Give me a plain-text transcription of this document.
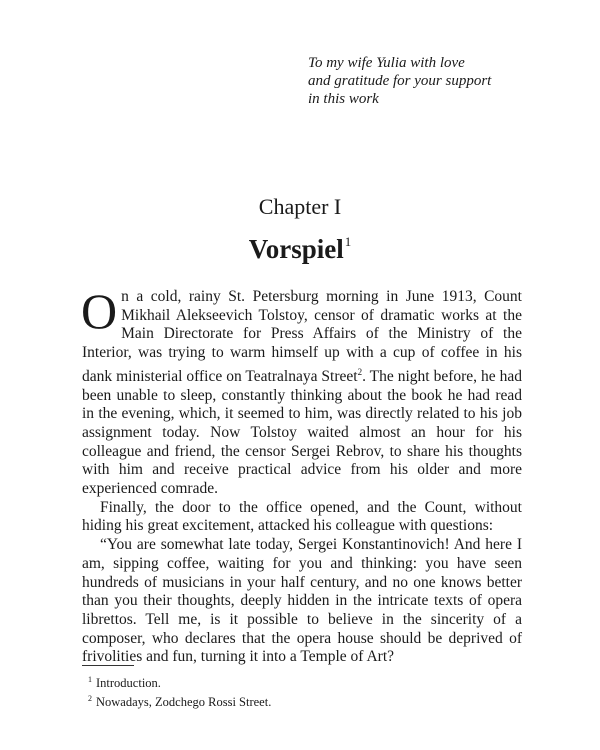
To my wife Yulia with love
and gratitude for your support
in this work
Chapter I
Vorspiel$^1$

On a cold, rainy St. Petersburg morning in June 1913, Count Mikhail Alekseevich Tolstoy, censor of dramatic works at the Main Directorate for Press Affairs of the Ministry of the Interior, was trying to warm himself up with a cup of coffee in his dank ministerial office on Teatralnaya Street$^2$. The night before, he had been unable to sleep, constantly thinking about the book he had read in the evening, which, it seemed to him, was directly related to his job assignment today. Now Tolstoy waited almost an hour for his colleague and friend, the censor Sergei Rebrov, to share his thoughts with him and receive practical advice from his older and more experienced comrade.

Finally, the door to the office opened, and the Count, without hiding his great excitement, attacked his colleague with questions:

“You are somewhat late today, Sergei Konstantinovich! And here I am, sipping coffee, waiting for you and thinking: you have seen hundreds of musicians in your half century, and no one knows better than you their thoughts, deeply hidden in the intricate texts of opera librettos. Tell me, is it possible to believe in the sincerity of a composer, who declares that the opera house should be deprived of frivolities and fun, turning it into a Temple of Art?

$^1$ Introduction.
$^2$ Nowadays, Zodchego Rossi Street.
